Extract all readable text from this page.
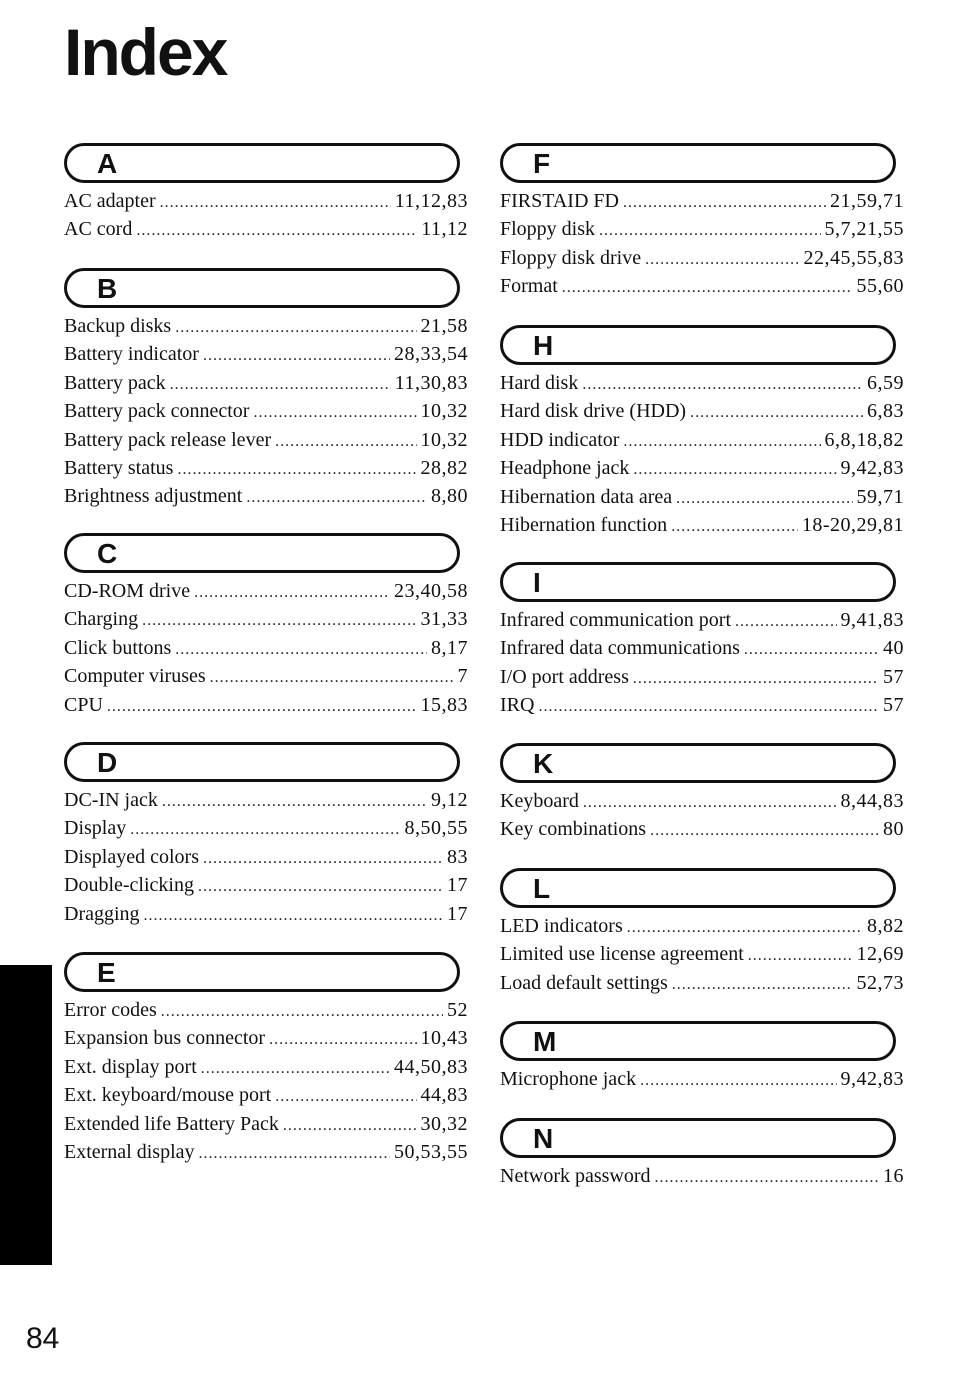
Index
A
AC adapter .....	11,12,83
AC cord .....	11,12
B
Backup disks .....	21,58
Battery indicator .....	28,33,54
Battery pack .....	11,30,83
Battery pack connector .....	10,32
Battery pack release lever .....	10,32
Battery status .....	28,82
Brightness adjustment .....	8,80
C
CD-ROM drive .....	23,40,58
Charging .....	31,33
Click buttons .....	8,17
Computer viruses .....	7
CPU .....	15,83
D
DC-IN jack .....	9,12
Display .....	8,50,55
Displayed colors .....	83
Double-clicking .....	17
Dragging .....	17
E
Error codes .....	52
Expansion bus connector .....	10,43
Ext. display port .....	44,50,83
Ext. keyboard/mouse port .....	44,83
Extended life Battery Pack .....	30,32
External display .....	50,53,55
F
FIRSTAID FD .....	21,59,71
Floppy disk .....	5,7,21,55
Floppy disk drive .....	22,45,55,83
Format .....	55,60
H
Hard disk .....	6,59
Hard disk drive (HDD) .....	6,83
HDD indicator .....	6,8,18,82
Headphone jack .....	9,42,83
Hibernation data area .....	59,71
Hibernation function .....	18-20,29,81
I
Infrared communication port .....	9,41,83
Infrared data communications .....	40
I/O port address .....	57
IRQ .....	57
K
Keyboard .....	8,44,83
Key combinations .....	80
L
LED indicators .....	8,82
Limited use license agreement .....	12,69
Load default settings .....	52,73
M
Microphone jack .....	9,42,83
N
Network password .....	16
84
